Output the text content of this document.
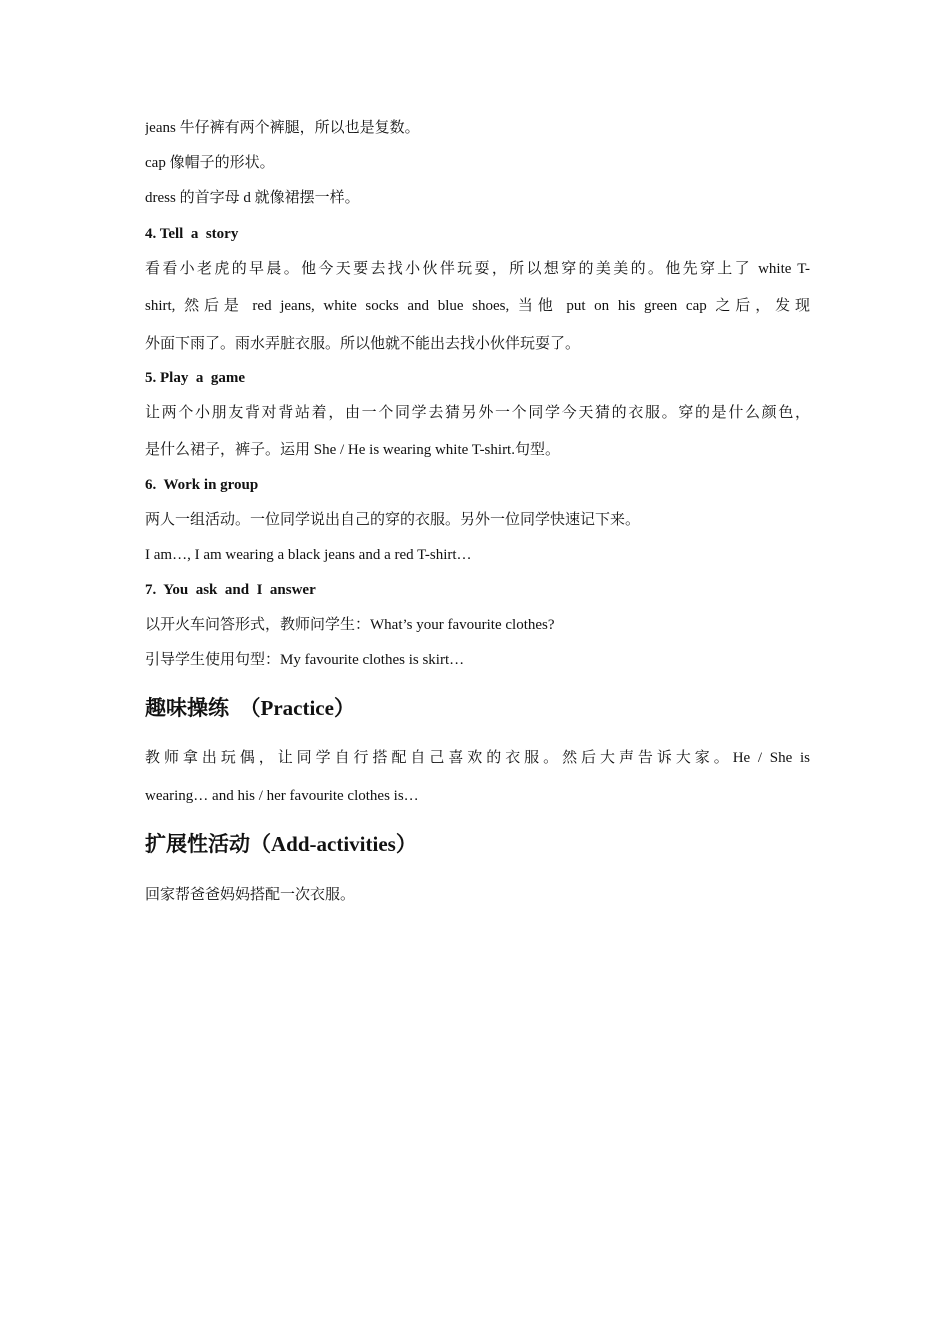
jeans 牛仔裤有两个裤腿，所以也是复数。
cap 像帽子的形状。
dress 的首字母 d 就像裙摆一样。
4. Tell  a  story
看看小老虎的早晨。他今天要去找小伙伴玩耍，所以想穿的美美的。他先穿上了 white T-
shirt, 然后是 red jeans, white socks and blue shoes, 当他 put on his green cap 之后，发现
外面下雨了。雨水弄脏衣服。所以他就不能出去找小伙伴玩耍了。
5. Play  a  game
让两个小朋友背对背站着，由一个同学去猜另外一个同学今天猜的衣服。穿的是什么颜色，
是什么裙子，裤子。运用 She / He is wearing white T-shirt.句型。
6.  Work in group
两人一组活动。一位同学说出自己的穿的衣服。另外一位同学快速记下来。
I am…, I am wearing a black jeans and a red T-shirt…
7.  You  ask  and  I  answer
以开火车问答形式，教师问学生：What’s your favourite clothes?
引导学生使用句型：My favourite clothes is skirt…
趣味操练  （Practice）
教师拿出玩偶，让同学自行搭配自己喜欢的衣服。然后大声告诉大家。He / She is
wearing… and his / her favourite clothes is…
扩展性活动（Add-activities）
回家帮爸爸妈妈搭配一次衣服。
